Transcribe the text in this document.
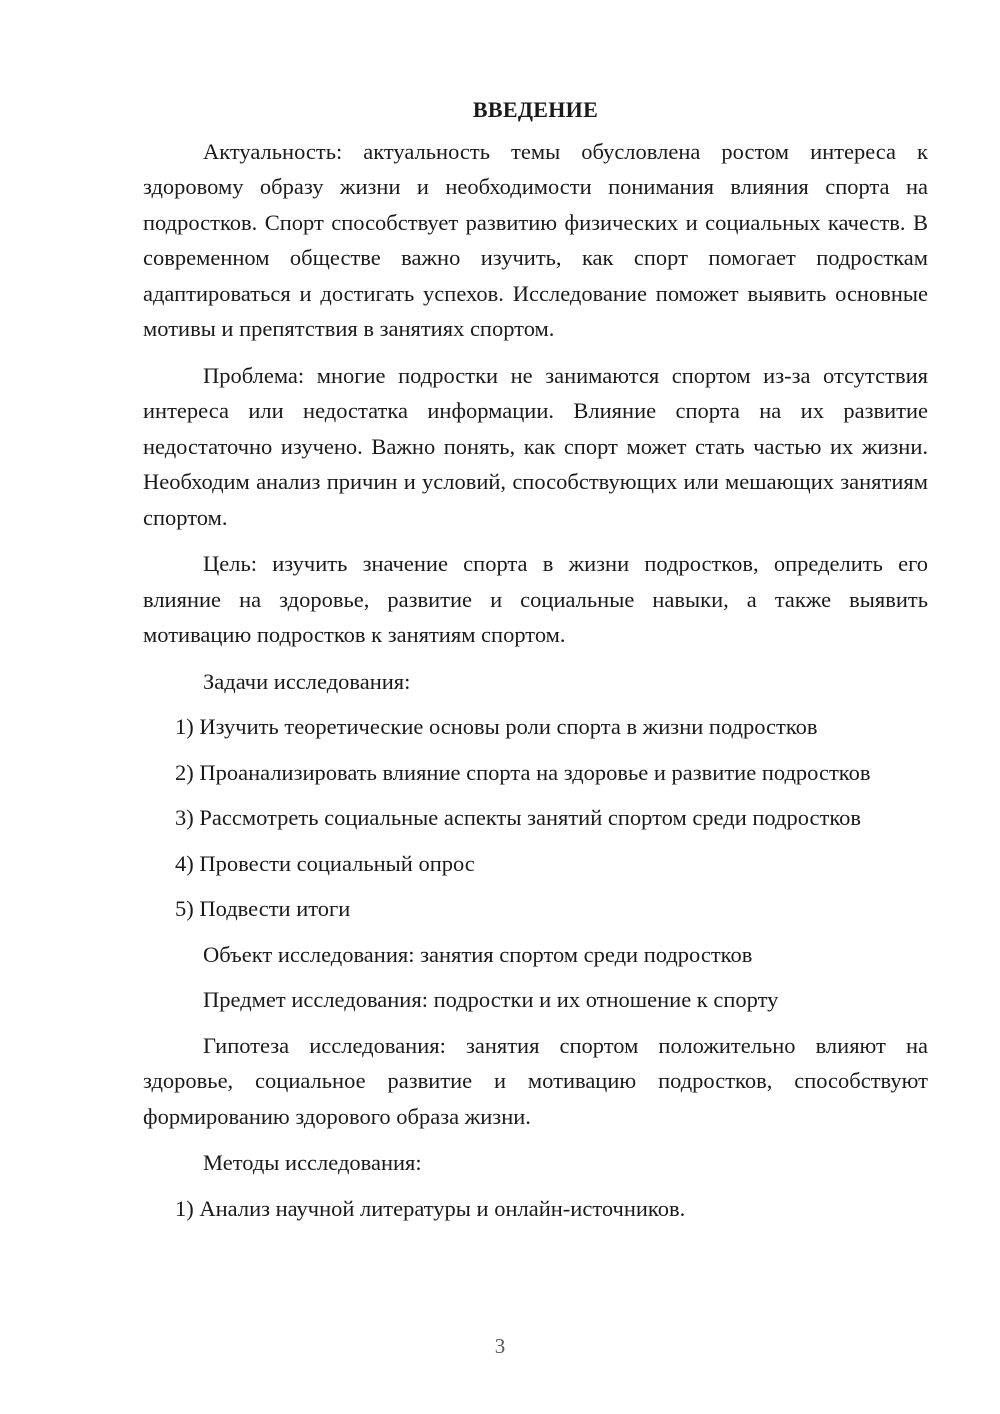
ВВЕДЕНИЕ

Актуальность: актуальность темы обусловлена ростом интереса к здоровому образу жизни и необходимости понимания влияния спорта на подростков. Спорт способствует развитию физических и социальных качеств. В современном обществе важно изучить, как спорт помогает подросткам адаптироваться и достигать успехов. Исследование поможет выявить основные мотивы и препятствия в занятиях спортом.

Проблема: многие подростки не занимаются спортом из-за отсутствия интереса или недостатка информации. Влияние спорта на их развитие недостаточно изучено. Важно понять, как спорт может стать частью их жизни. Необходим анализ причин и условий, способствующих или мешающих занятиям спортом.

Цель: изучить значение спорта в жизни подростков, определить его влияние на здоровье, развитие и социальные навыки, а также выявить мотивацию подростков к занятиям спортом.

Задачи исследования:

1) Изучить теоретические основы роли спорта в жизни подростков

2) Проанализировать влияние спорта на здоровье и развитие подростков

3) Рассмотреть социальные аспекты занятий спортом среди подростков

4) Провести социальный опрос

5) Подвести итоги

Объект исследования: занятия спортом среди подростков

Предмет исследования: подростки и их отношение к спорту

Гипотеза исследования: занятия спортом положительно влияют на здоровье, социальное развитие и мотивацию подростков, способствуют формированию здорового образа жизни.

Методы исследования:

1) Анализ научной литературы и онлайн-источников.

3
